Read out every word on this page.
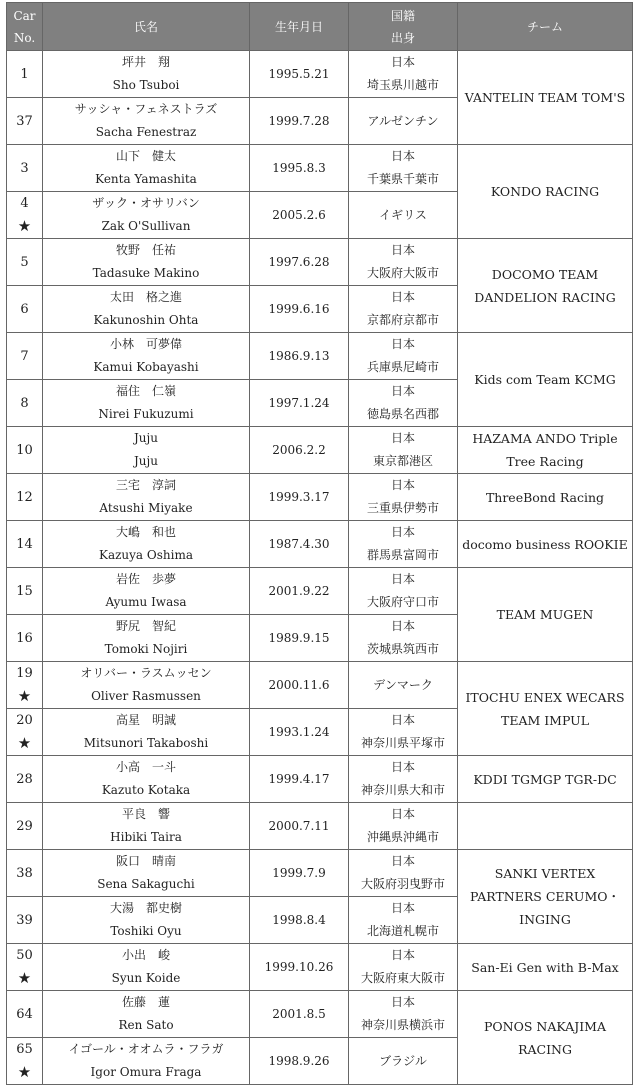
Car
No.	氏名	生年月日	国籍
出身	チーム

1	坪井　翔
Sho Tsuboi	1995.5.21	日本
埼玉県川越市	VANTELIN TEAM TOM'S

37	サッシャ・フェネストラズ
Sacha Fenestraz	1999.7.28	アルゼンチン	

3	山下　健太
Kenta Yamashita	1995.8.3	日本
千葉県千葉市	KONDO RACING

4
★	ザック・オサリバン
Zak O'Sullivan	2005.2.6	イギリス	

5	牧野　任祐
Tadasuke Makino	1997.6.28	日本
大阪府大阪市	DOCOMO TEAM DANDELION RACING

6	太田　格之進
Kakunoshin Ohta	1999.6.16	日本
京都府京都市	

7	小林　可夢偉
Kamui Kobayashi	1986.9.13	日本
兵庫県尼崎市	Kids com Team KCMG

8	福住　仁嶺
Nirei Fukuzumi	1997.1.24	日本
徳島県名西郡	

10	Juju
Juju	2006.2.2	日本
東京都港区	HAZAMA ANDO Triple Tree Racing

12	三宅　淳詞
Atsushi Miyake	1999.3.17	日本
三重県伊勢市	ThreeBond Racing

14	大嶋　和也
Kazuya Oshima	1987.4.30	日本
群馬県富岡市	docomo business ROOKIE

15	岩佐　歩夢
Ayumu Iwasa	2001.9.22	日本
大阪府守口市	TEAM MUGEN

16	野尻　智紀
Tomoki Nojiri	1989.9.15	日本
茨城県筑西市	

19
★	オリバー・ラスムッセン
Oliver Rasmussen	2000.11.6	デンマーク	ITOCHU ENEX WECARS TEAM IMPUL

20
★	高星　明誠
Mitsunori Takaboshi	1993.1.24	日本
神奈川県平塚市	

28	小高　一斗
Kazuto Kotaka	1999.4.17	日本
神奈川県大和市	KDDI TGMGP TGR-DC

29	平良　響
Hibiki Taira	2000.7.11	日本
沖縄県沖縄市	

38	阪口　晴南
Sena Sakaguchi	1999.7.9	日本
大阪府羽曳野市	SANKI VERTEX PARTNERS CERUMO・INGING

39	大湯　都史樹
Toshiki Oyu	1998.8.4	日本
北海道札幌市	

50
★	小出　峻
Syun Koide	1999.10.26	日本
大阪府東大阪市	San-Ei Gen with B-Max

64	佐藤　蓮
Ren Sato	2001.8.5	日本
神奈川県横浜市	PONOS NAKAJIMA RACING

65
★	イゴール・オオムラ・フラガ
Igor Omura Fraga	1998.9.26	ブラジル	
